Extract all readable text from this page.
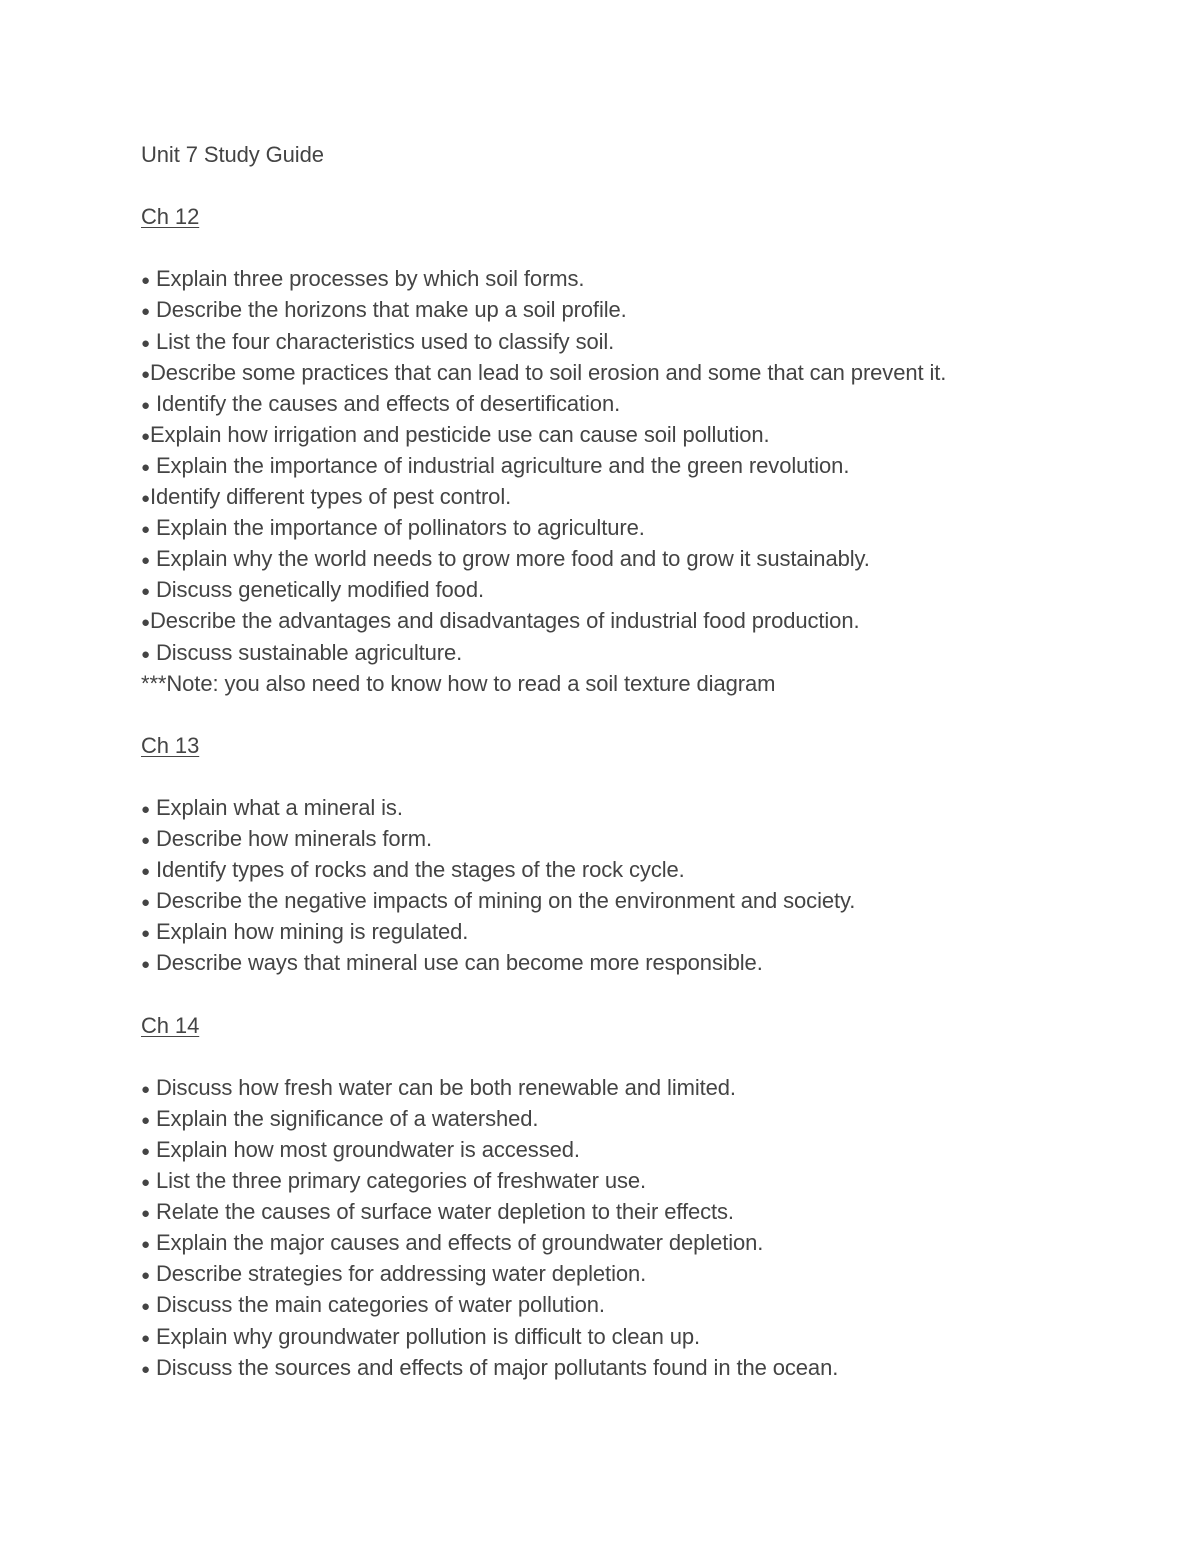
Unit 7 Study Guide
Ch 12
● Explain three processes by which soil forms.
● Describe the horizons that make up a soil profile.
● List the four characteristics used to classify soil.
●Describe some practices that can lead to soil erosion and some that can prevent it.
● Identify the causes and effects of desertification.
●Explain how irrigation and pesticide use can cause soil pollution.
● Explain the importance of industrial agriculture and the green revolution.
●Identify different types of pest control.
● Explain the importance of pollinators to agriculture.
● Explain why the world needs to grow more food and to grow it sustainably.
● Discuss genetically modified food.
●Describe the advantages and disadvantages of industrial food production.
● Discuss sustainable agriculture.
***Note: you also need to know how to read a soil texture diagram
Ch 13
● Explain what a mineral is.
● Describe how minerals form.
● Identify types of rocks and the stages of the rock cycle.
● Describe the negative impacts of mining on the environment and society.
● Explain how mining is regulated.
● Describe ways that mineral use can become more responsible.
Ch 14
● Discuss how fresh water can be both renewable and limited.
● Explain the significance of a watershed.
● Explain how most groundwater is accessed.
● List the three primary categories of freshwater use.
● Relate the causes of surface water depletion to their effects.
● Explain the major causes and effects of groundwater depletion.
● Describe strategies for addressing water depletion.
● Discuss the main categories of water pollution.
● Explain why groundwater pollution is difficult to clean up.
● Discuss the sources and effects of major pollutants found in the ocean.
